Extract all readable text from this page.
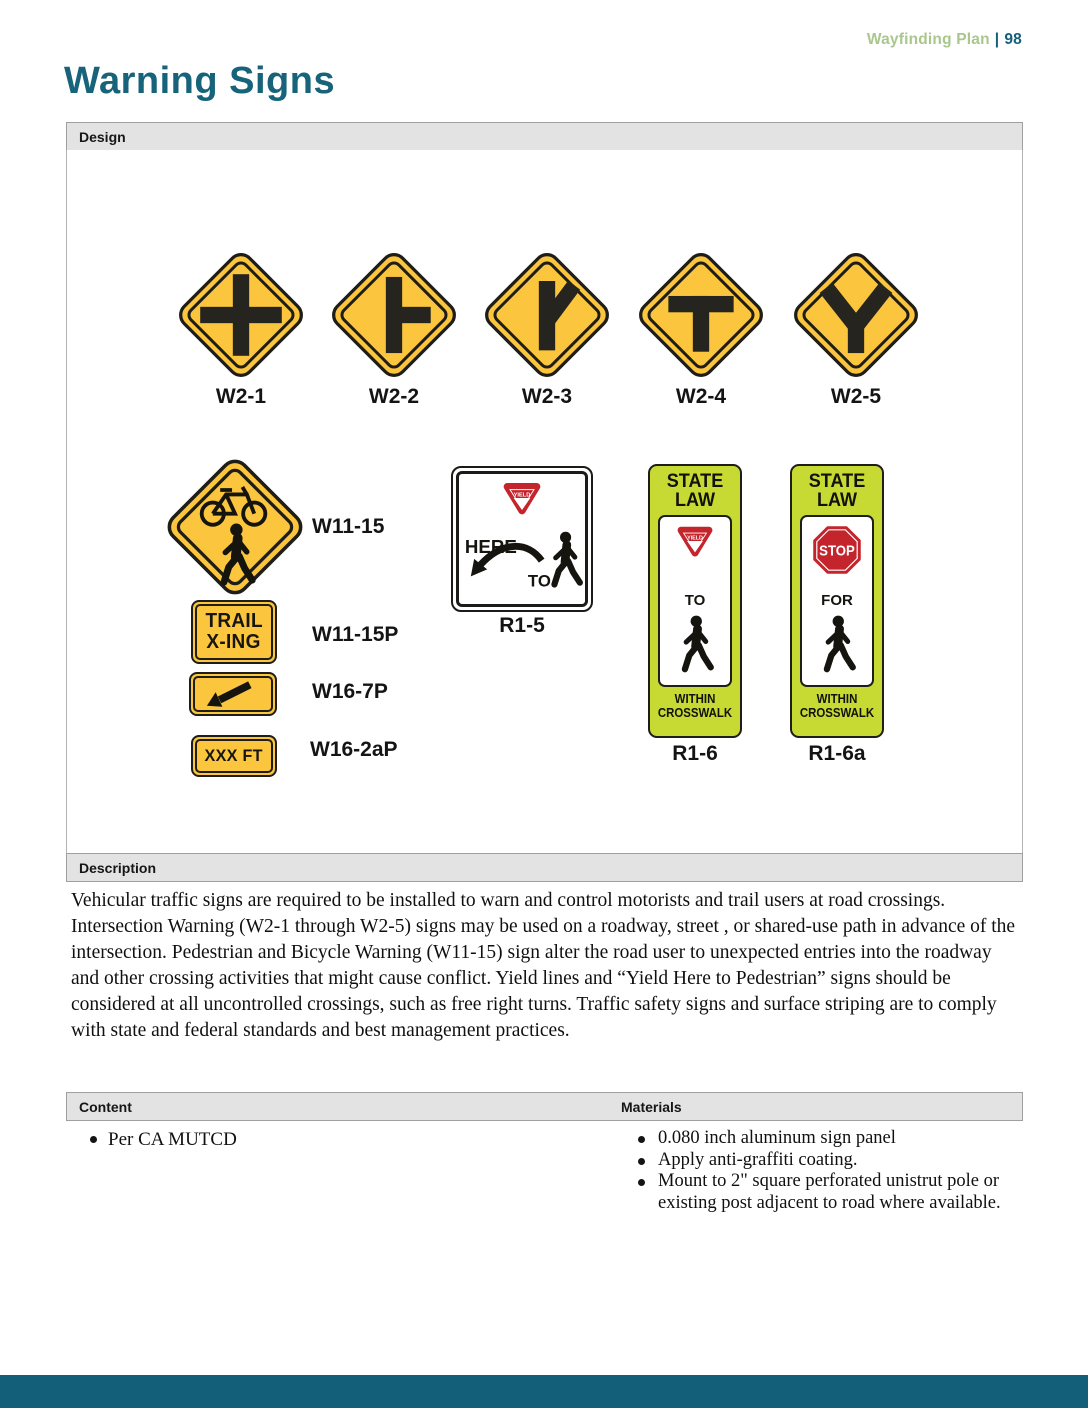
Wayfinding Plan | 98
Warning Signs
Design
W2-1	W2-2	W2-3	W2-4	W2-5
W11-15
TRAIL
X-ING W11-15P
W16-7P
XXX FT W16-2aP
HERE
TO
R1-5
STATE
LAW
TO
WITHIN
CROSSWALK
R1-6
STATE
LAW
FOR
WITHIN
CROSSWALK
R1-6a
Description

Vehicular traffic signs are required to be installed to warn and control motorists and trail users at road crossings. Intersection Warning (W2-1 through W2-5) signs may be used on a roadway, street , or shared-use path in advance of the intersection. Pedestrian and Bicycle Warning (W11-15) sign alter the road user to unexpected entries into the roadway and other crossing activities that might cause conflict. Yield lines and “Yield Here to Pedestrian” signs should be considered at all uncontrolled crossings, such as free right turns. Traffic safety signs and surface striping are to comply with state and federal standards and best management practices.

Content	Materials
Per CA MUTCD	0.080 inch aluminum sign panel
Apply anti-graffiti coating.
Mount to 2" square perforated unistrut pole or existing post adjacent to road where available.
